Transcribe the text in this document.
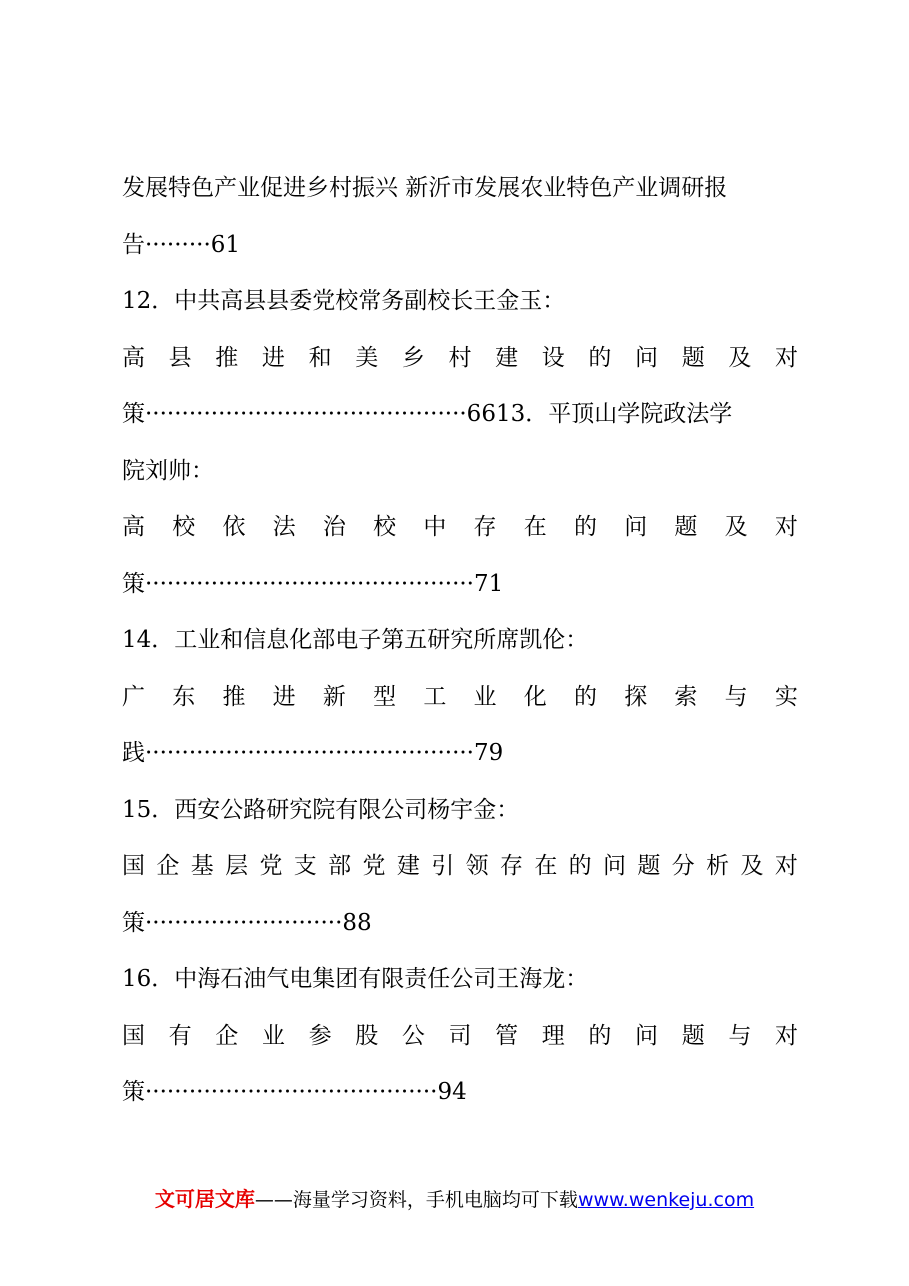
发展特色产业促进乡村振兴 新沂市发展农业特色产业调研报
告·········61
12．中共高县县委党校常务副校长王金玉：
高 县 推 进 和 美 乡 村 建 设 的 问 题 及 对
策············································6613．平顶山学院政法学
院刘帅：
高 校 依 法 治 校 中 存 在 的 问 题 及 对
策·············································71
14．工业和信息化部电子第五研究所席凯伦：
广 东 推 进 新 型 工 业 化 的 探 索 与 实
践·············································79
15．西安公路研究院有限公司杨宇金：
国 企 基 层 党 支 部 党 建 引 领 存 在 的 问 题 分 析 及 对
策···························88
16．中海石油气电集团有限责任公司王海龙：
国 有 企 业 参 股 公 司 管 理 的 问 题 与 对
策········································94
文可居文库——海量学习资料，手机电脑均可下载www.wenkeju.com
